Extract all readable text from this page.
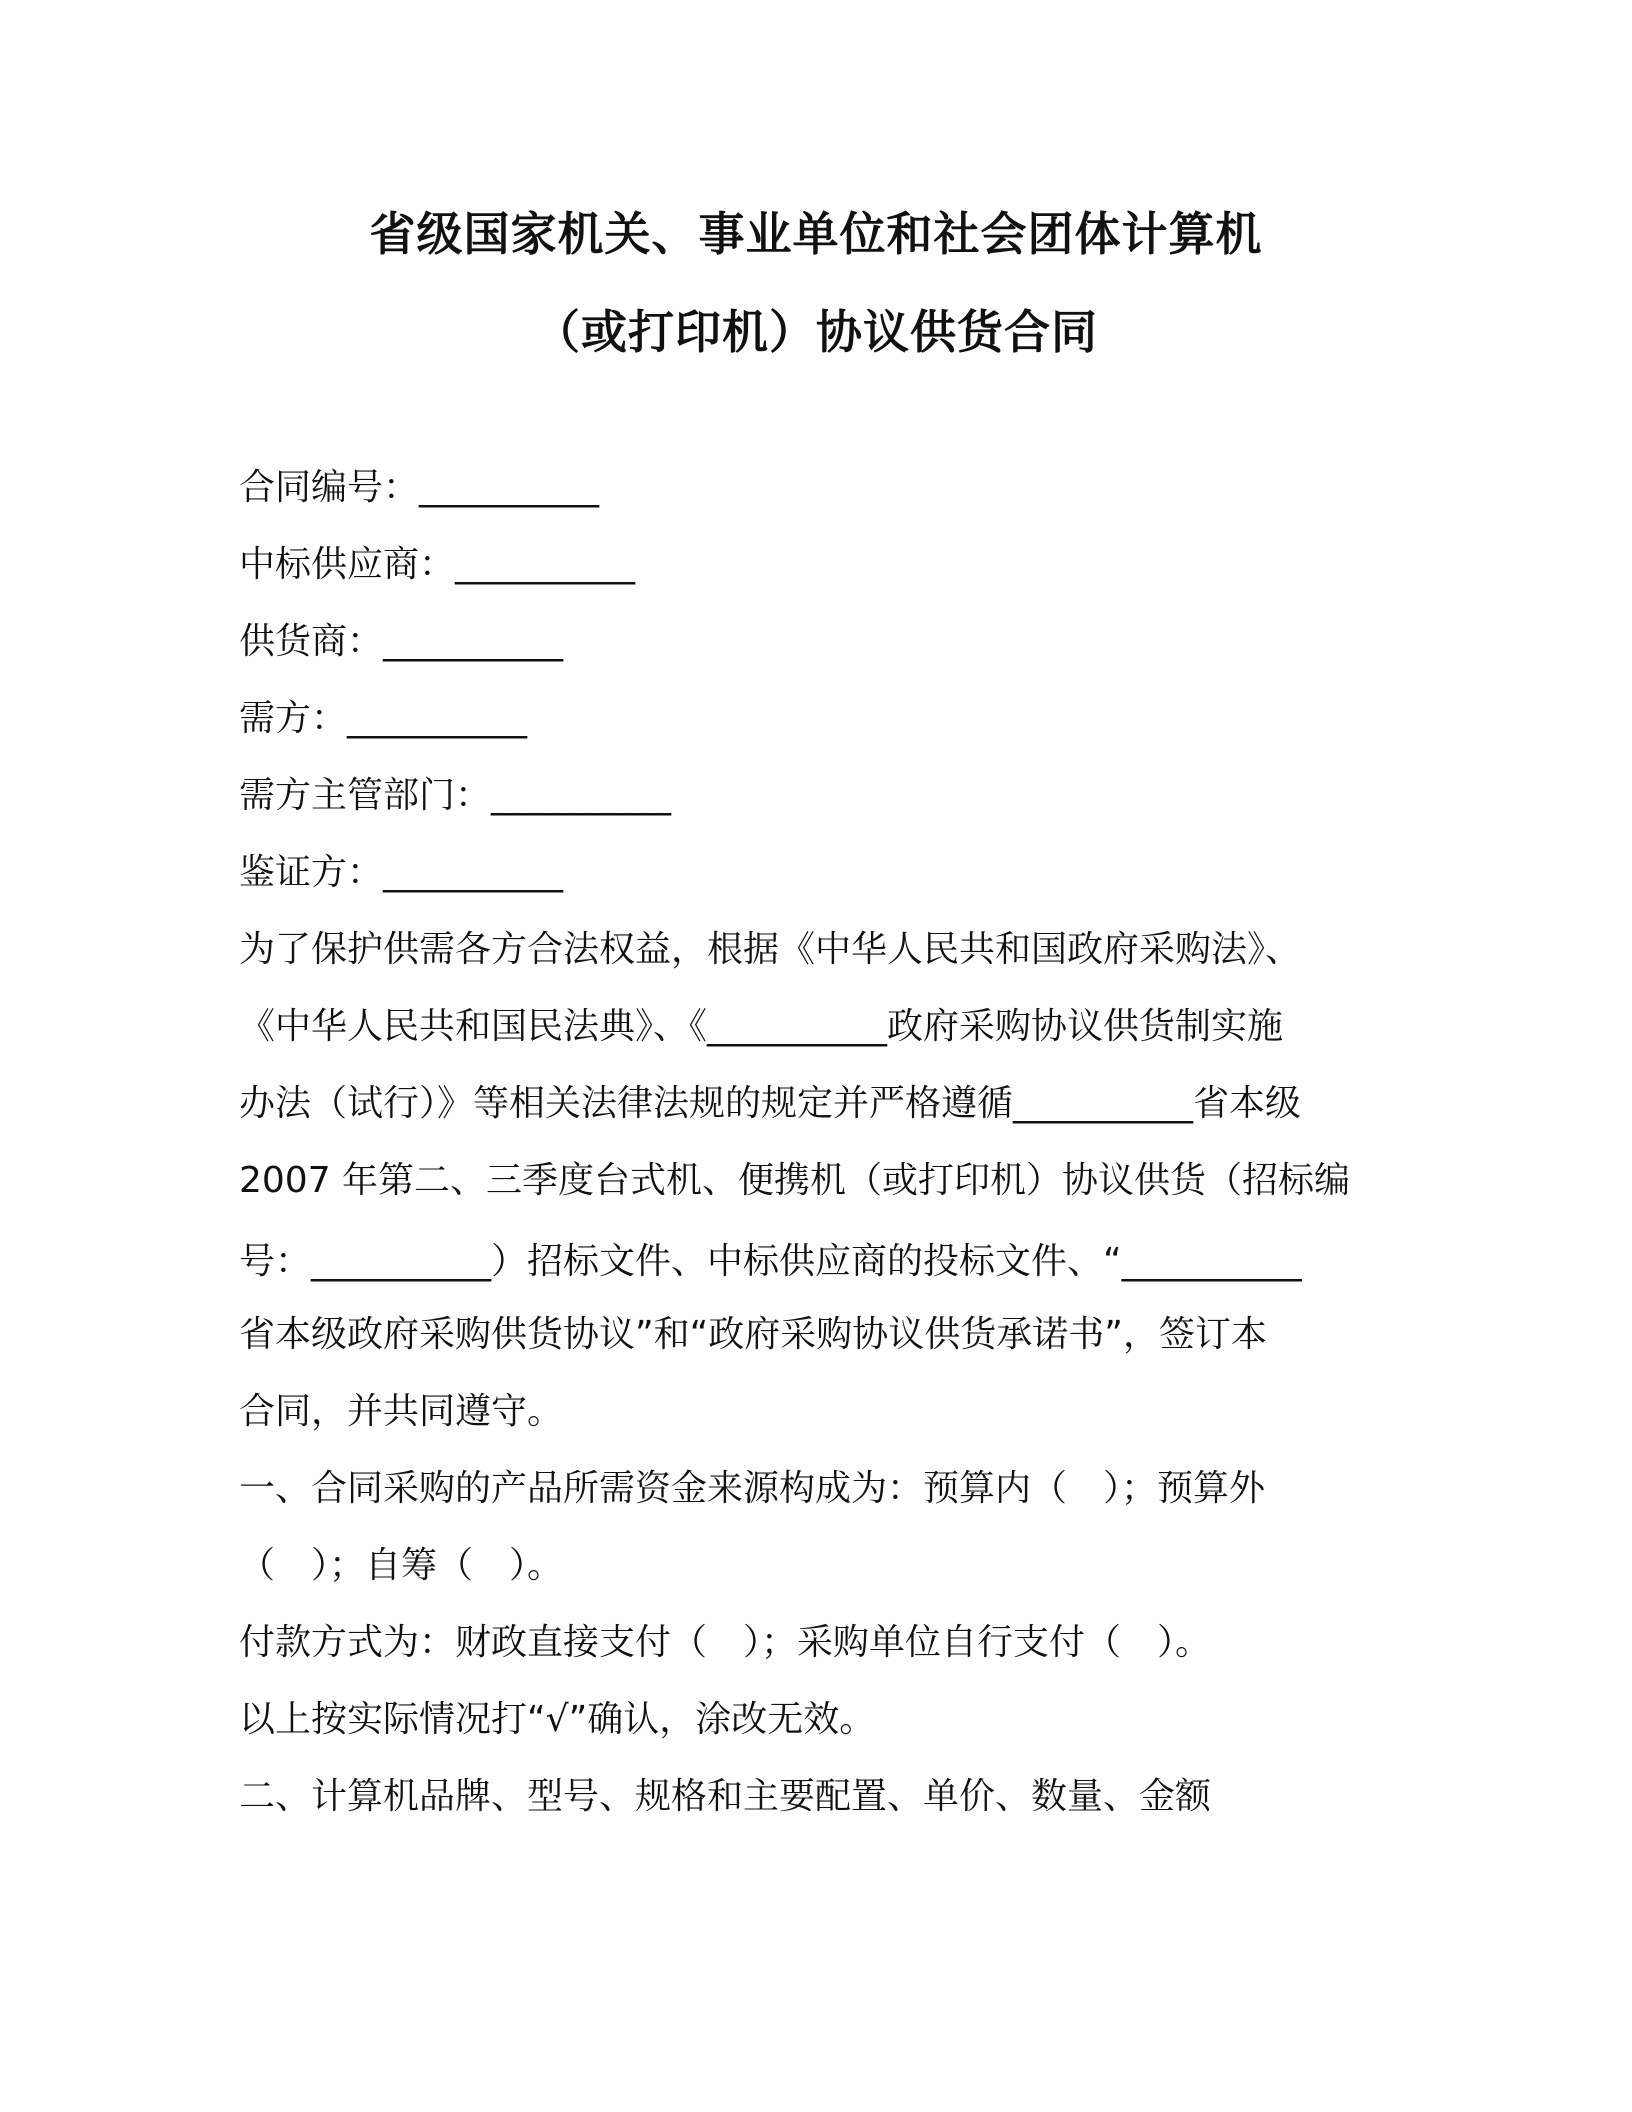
省级国家机关、事业单位和社会团体计算机
（或打印机）协议供货合同
合同编号：__________
中标供应商：__________
供货商：__________
需方：__________
需方主管部门：__________
鉴证方：__________
为了保护供需各方合法权益，根据《中华人民共和国政府采购法》、
《中华人民共和国民法典》、《__________政府采购协议供货制实施
办法（试行）》等相关法律法规的规定并严格遵循__________省本级
2007 年第二、三季度台式机、便携机（或打印机）协议供货（招标编
号：__________）招标文件、中标供应商的投标文件、“__________
省本级政府采购供货协议”和“政府采购协议供货承诺书”，签订本
合同，并共同遵守。
一、合同采购的产品所需资金来源构成为：预算内（　）；预算外
（　）；自筹（　）。
付款方式为：财政直接支付（　）；采购单位自行支付（　）。
以上按实际情况打“√”确认，涂改无效。
二、计算机品牌、型号、规格和主要配置、单价、数量、金额
